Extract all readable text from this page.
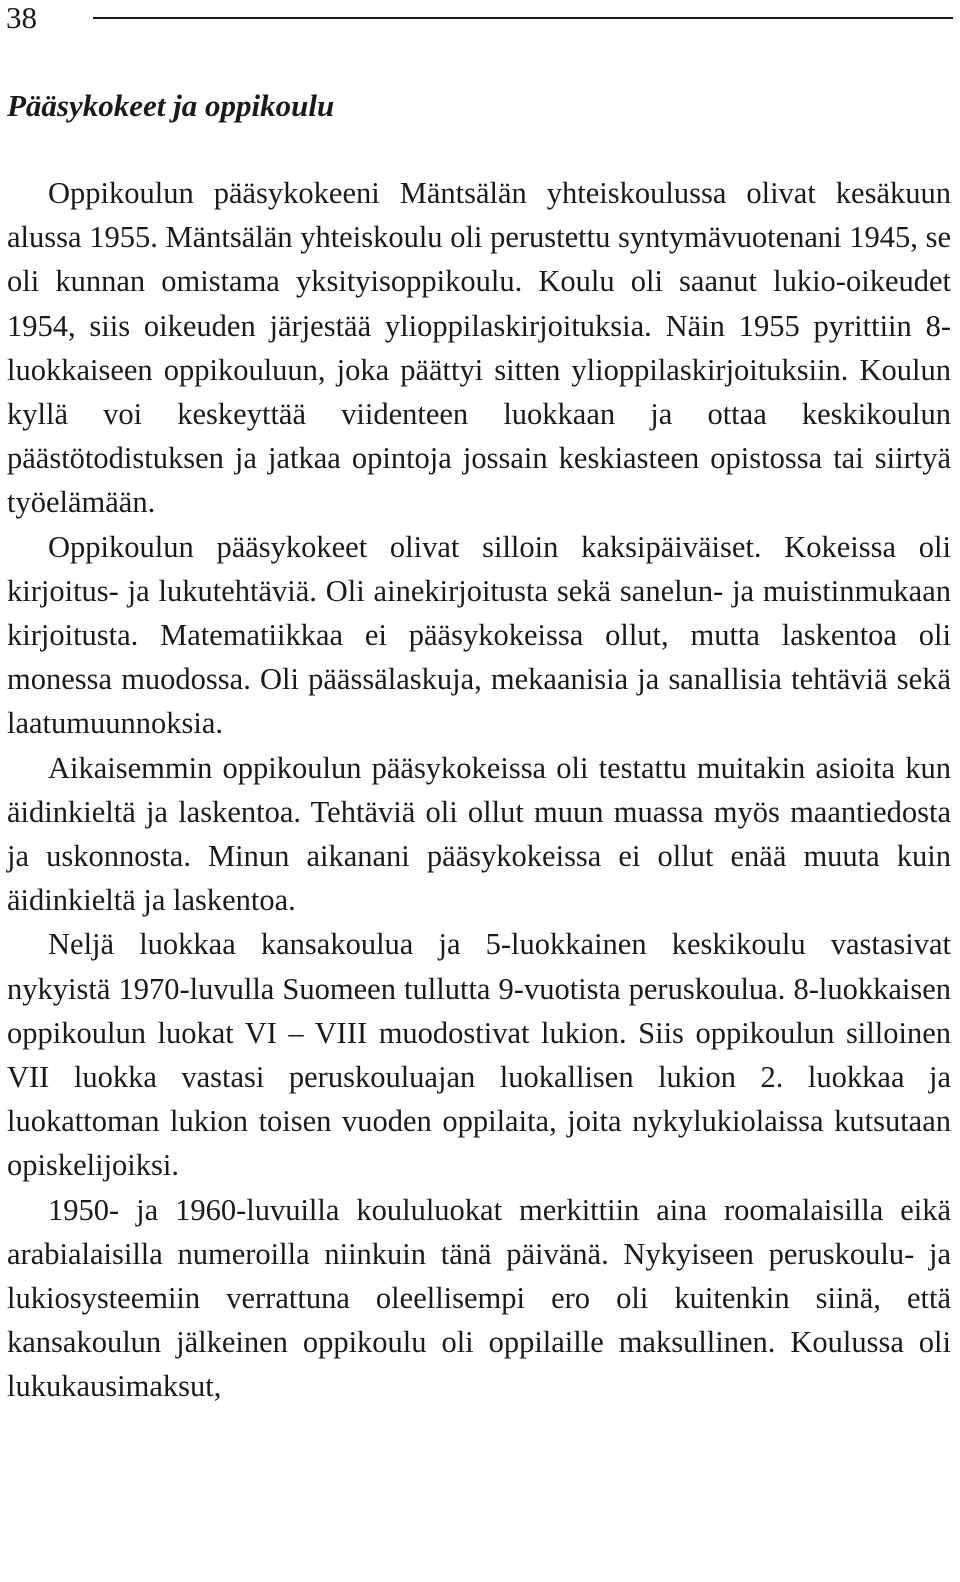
38
Pääsykokeet ja oppikoulu

Oppikoulun pääsykokeeni Mäntsälän yhteiskoulussa olivat kesäkuun alussa 1955. Mäntsälän yhteiskoulu oli perustettu syntymävuotenani 1945, se oli kunnan omistama yksityisoppikoulu. Koulu oli saanut lukio-oikeudet 1954, siis oikeuden järjestää ylioppilaskirjoituksia. Näin 1955 pyrittiin 8-luokkaiseen oppikouluun, joka päättyi sitten ylioppilaskirjoituksiin. Koulun kyllä voi keskeyttää viidenteen luokkaan ja ottaa keskikoulun päästötodistuksen ja jatkaa opintoja jossain keskiasteen opistossa tai siirtyä työelämään.

Oppikoulun pääsykokeet olivat silloin kaksipäiväiset. Kokeissa oli kirjoitus- ja lukutehtäviä. Oli ainekirjoitusta sekä sanelun- ja muistinmukaan kirjoitusta. Matematiikkaa ei pääsykokeissa ollut, mutta laskentoa oli monessa muodossa. Oli päässälaskuja, mekaanisia ja sanallisia tehtäviä sekä laatumuunnoksia.

Aikaisemmin oppikoulun pääsykokeissa oli testattu muitakin asioita kun äidinkieltä ja laskentoa. Tehtäviä oli ollut muun muassa myös maantiedosta ja uskonnosta. Minun aikanani pääsykokeissa ei ollut enää muuta kuin äidinkieltä ja laskentoa.

Neljä luokkaa kansakoulua ja 5-luokkainen keskikoulu vastasivat nykyistä 1970-luvulla Suomeen tullutta 9-vuotista peruskoulua. 8-luokkaisen oppikoulun luokat VI – VIII muodostivat lukion. Siis oppikoulun silloinen VII luokka vastasi peruskouluajan luokallisen lukion 2. luokkaa ja luokattoman lukion toisen vuoden oppilaita, joita nykylukiolaissa kutsutaan opiskelijoiksi.

1950- ja 1960-luvuilla koululuokat merkittiin aina roomalaisilla eikä arabialaisilla numeroilla niinkuin tänä päivänä. Nykyiseen peruskoulu- ja lukiosysteemiin verrattuna oleellisempi ero oli kuitenkin siinä, että kansakoulun jälkeinen oppikoulu oli oppilaille maksullinen. Koulussa oli lukukausimaksut,
